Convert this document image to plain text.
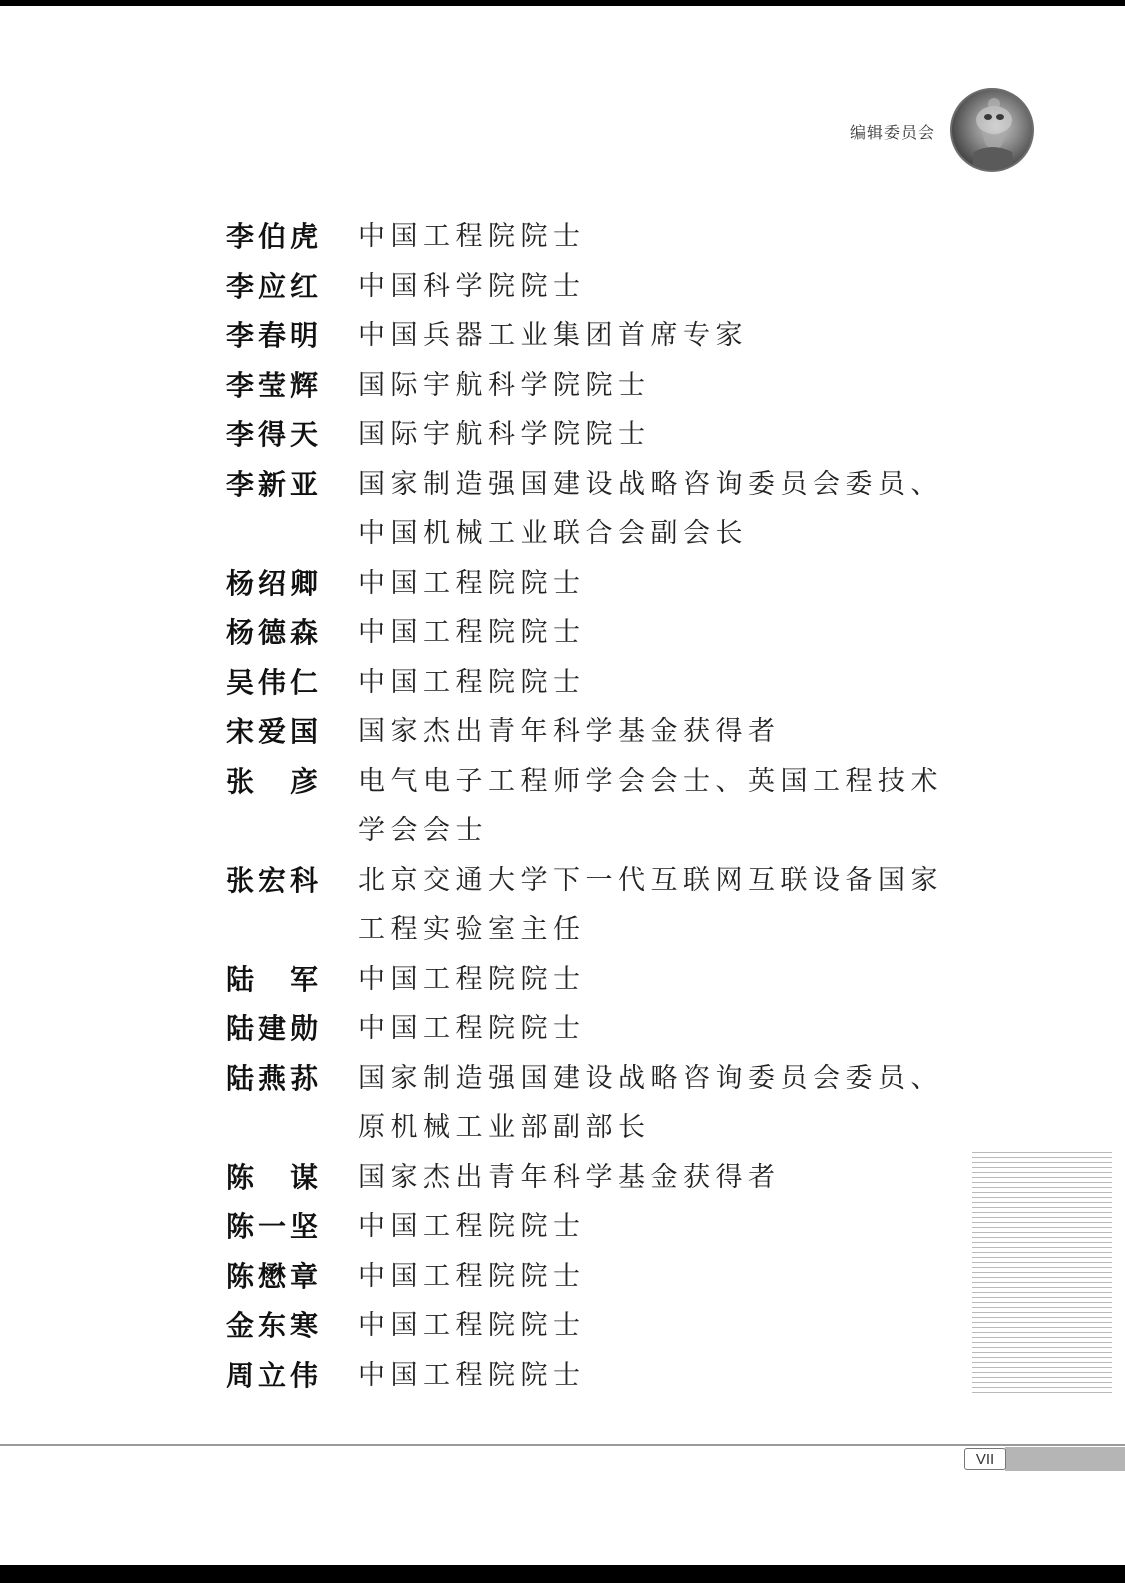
编辑委员会
李伯虎	中国工程院院士
李应红	中国科学院院士
李春明	中国兵器工业集团首席专家
李莹辉	国际宇航科学院院士
李得天	国际宇航科学院院士
李新亚	国家制造强国建设战略咨询委员会委员、中国机械工业联合会副会长
杨绍卿	中国工程院院士
杨德森	中国工程院院士
吴伟仁	中国工程院院士
宋爱国	国家杰出青年科学基金获得者
张彦	电气电子工程师学会会士、英国工程技术学会会士
张宏科	北京交通大学下一代互联网互联设备国家工程实验室主任
陆军	中国工程院院士
陆建勋	中国工程院院士
陆燕荪	国家制造强国建设战略咨询委员会委员、原机械工业部副部长
陈谋	国家杰出青年科学基金获得者
陈一坚	中国工程院院士
陈懋章	中国工程院院士
金东寒	中国工程院院士
周立伟	中国工程院院士
VII
